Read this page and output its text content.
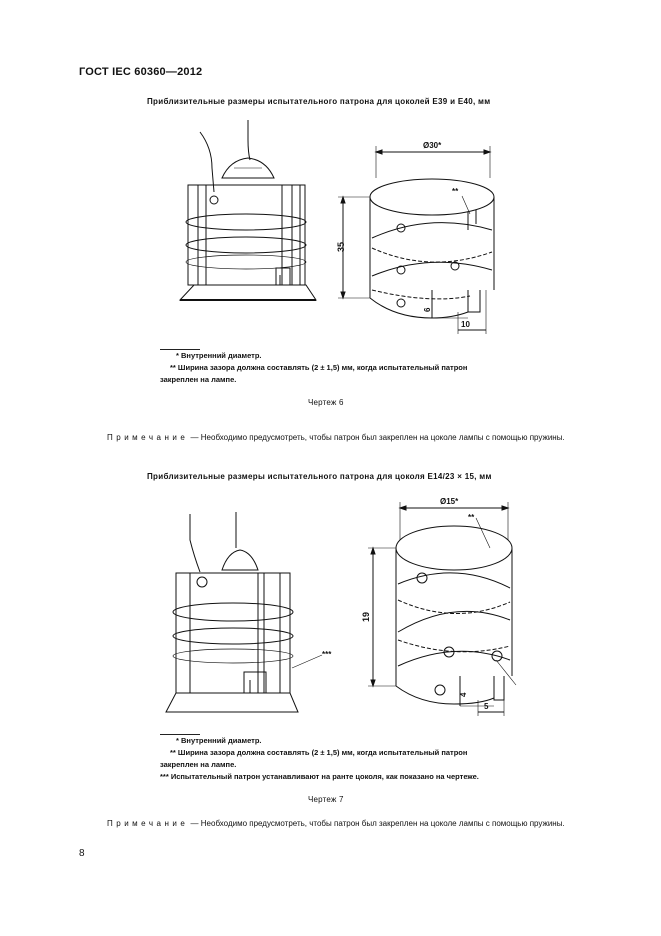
ГОСТ IEC 60360—2012
Приблизительные размеры испытательного патрона для цоколей E39 и E40, мм
Ø30*
**
35
6
10
* Внутренний диаметр.
** Ширина зазора должна составлять (2 ± 1,5) мм, когда испытательный патрон
закреплен на лампе.
Чертеж 6
Примечание — Необходимо предусмотреть, чтобы патрон был закреплен на цоколе лампы с помощью пружины.
Приблизительные размеры испытательного патрона для цоколя E14/23 × 15, мм
***
Ø15*
**
19
4
5
* Внутренний диаметр.
** Ширина зазора должна составлять (2 ± 1,5) мм, когда испытательный патрон
закреплен на лампе.
*** Испытательный патрон устанавливают на ранте цоколя, как показано на чертеже.
Чертеж 7
Примечание — Необходимо предусмотреть, чтобы патрон был закреплен на цоколе лампы с помощью пружины.
8
